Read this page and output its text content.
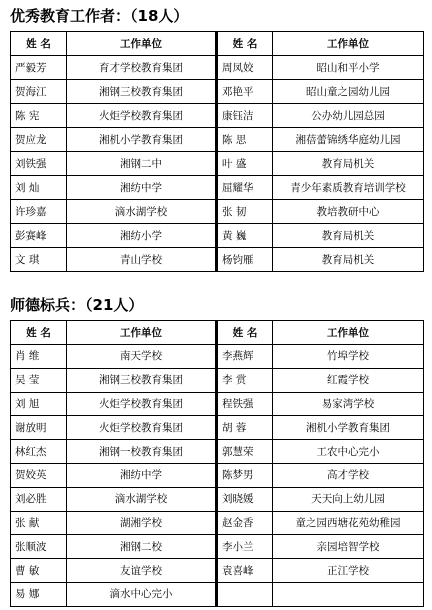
优秀教育工作者：（18人）
姓 名	工作单位	姓 名	工作单位
严毅芳	育才学校教育集团	周凤姣	昭山和平小学
贺海江	湘钢三校教育集团	邓艳平	昭山童之园幼儿园
陈 宪	火炬学校教育集团	康钰洁	公办幼儿园总园
贺应龙	湘机小学教育集团	陈 思	湘蓓蕾锦绣华庭幼儿园
刘铁强	湘钢二中	叶 盛	教育局机关
刘 灿	湘纺中学	屈耀华	青少年素质教育培训学校
许珍嘉	滴水湖学校	张 韧	教培教研中心
彭赛峰	湘纺小学	黄 巍	教育局机关
文 琪	青山学校	杨钧雁	教育局机关
师德标兵：（21人）
姓 名	工作单位	姓 名	工作单位
肖 维	南天学校	李燕辉	竹埠学校
吴 莹	湘钢三校教育集团	李 赏	红霞学校
刘 旭	火炬学校教育集团	程铁强	易家湾学校
谢放明	火炬学校教育集团	胡 蓉	湘机小学教育集团
林红杰	湘钢一校教育集团	郭慧荣	工农中心完小
贺姣英	湘纺中学	陈梦男	高才学校
刘必胜	滴水湖学校	刘晓媛	天天向上幼儿园
张 献	湖湘学校	赵金香	童之园西塘花苑幼稚园
张顺波	湘钢二校	李小兰	亲园培智学校
曹 敏	友谊学校	袁喜峰	正江学校
易 娜	滴水中心完小		
